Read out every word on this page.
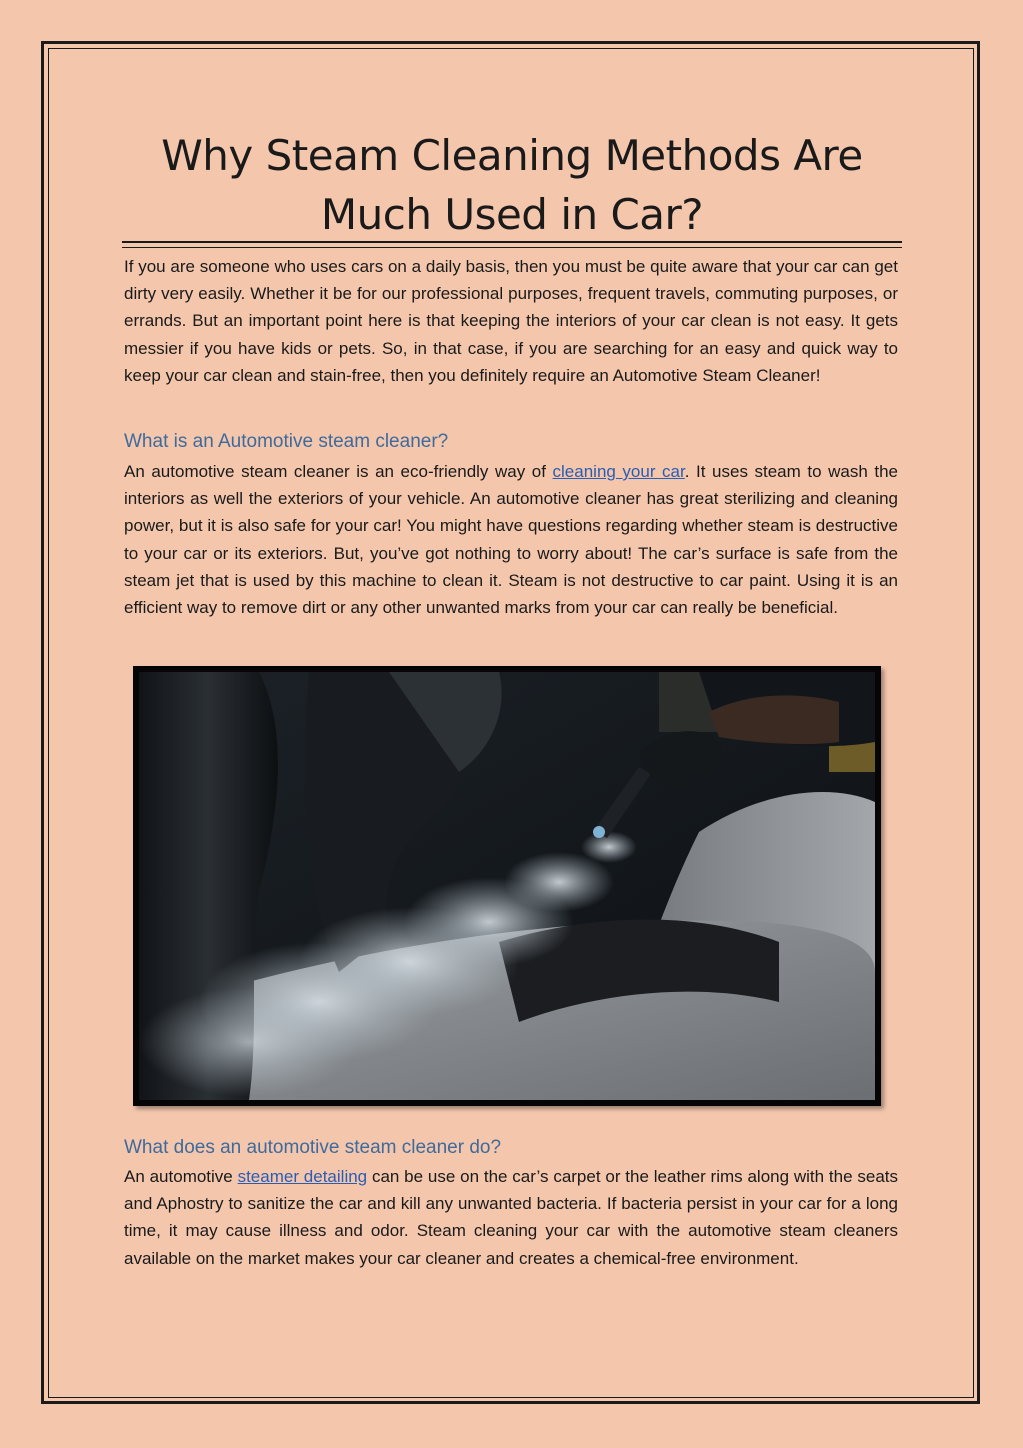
Why Steam Cleaning Methods Are Much Used in Car?

If you are someone who uses cars on a daily basis, then you must be quite aware that your car can get dirty very easily. Whether it be for our professional purposes, frequent travels, commuting purposes, or errands. But an important point here is that keeping the interiors of your car clean is not easy. It gets messier if you have kids or pets. So, in that case, if you are searching for an easy and quick way to keep your car clean and stain-free, then you definitely require an Automotive Steam Cleaner!

What is an Automotive steam cleaner?

An automotive steam cleaner is an eco-friendly way of cleaning your car. It uses steam to wash the interiors as well the exteriors of your vehicle. An automotive cleaner has great sterilizing and cleaning power, but it is also safe for your car! You might have questions regarding whether steam is destructive to your car or its exteriors. But, you’ve got nothing to worry about! The car’s surface is safe from the steam jet that is used by this machine to clean it. Steam is not destructive to car paint. Using it is an efficient way to remove dirt or any other unwanted marks from your car can really be beneficial.

What does an automotive steam cleaner do?

An automotive steamer detailing can be use on the car’s carpet or the leather rims along with the seats and Aphostry to sanitize the car and kill any unwanted bacteria. If bacteria persist in your car for a long time, it may cause illness and odor. Steam cleaning your car with the automotive steam cleaners available on the market makes your car cleaner and creates a chemical-free environment.
